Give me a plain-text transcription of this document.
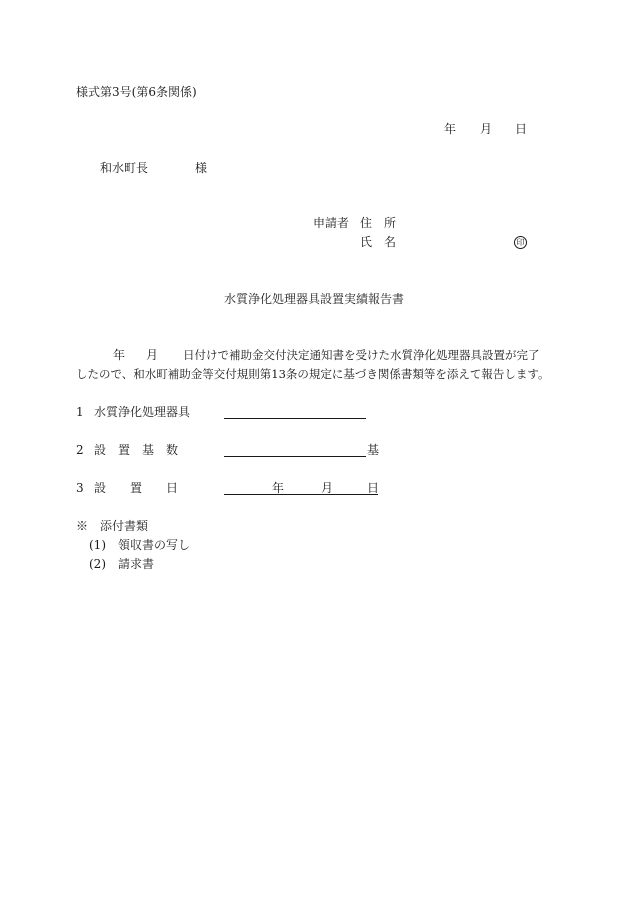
様式第3号(第6条関係)
年 月 日
和水町長	様
申請者 住　所
氏　名	印
水質浄化処理器具設置実績報告書
年 月 日付けで補助金交付決定通知書を受けた水質浄化処理器具設置が完了
したので、和水町補助金等交付規則第13条の規定に基づき関係書類等を添えて報告します。
1 水質浄化処理器具
2 設　置　基　数	基
3 設　　置　　日	年	月	日
※　添付書類
(1) 領収書の写し
(2) 請求書
